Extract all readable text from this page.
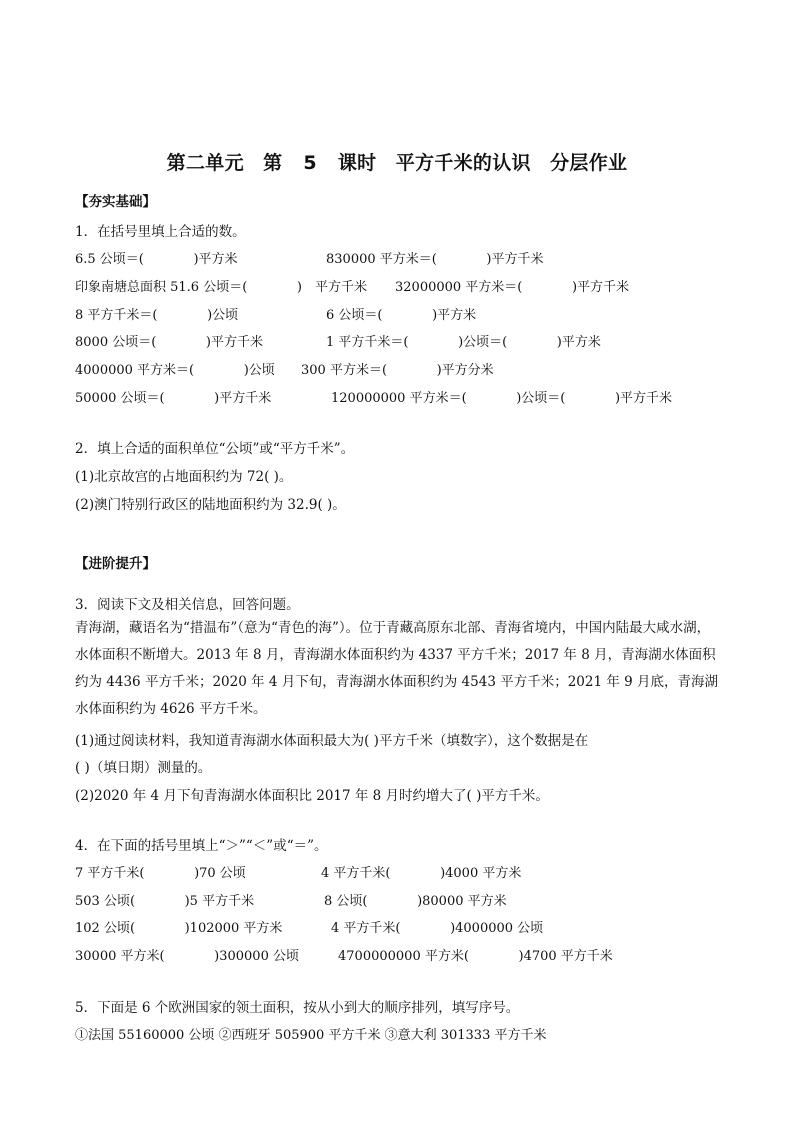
第二单元　第 5 课时　平方千米的认识　分层作业
【夯实基础】
1．在括号里填上合适的数。

6.5 公顷＝(            )平方米

	830000 平方米＝(            )平方千米

印象南塘总面积 51.6 公顷＝(            )　平方千米

32000000 平方米＝(            )平方千米

8 平方千米＝(            )公顷

	6 公顷＝(            )平方米

8000 公顷＝(            )平方千米

	1 平方千米＝(            )公顷＝(            )平方米

4000000 平方米＝(            )公顷

300 平方米＝(            )平方分米

50000 公顷＝(            )平方千米

	120000000 平方米＝(            )公顷＝(            )平方千米

2．填上合适的面积单位“公顷”或“平方千米”。
(1)北京故宫的占地面积约为 72( )。
(2)澳门特别行政区的陆地面积约为 32.9( )。
【进阶提升】
3．阅读下文及相关信息，回答问题。
青海湖，藏语名为“措温布”（意为“青色的海”）。位于青藏高原东北部、青海省境内，中国内陆最大咸水湖，水体面积不断增大。2013 年 8 月，青海湖水体面积约为 4337 平方千米；2017 年 8 月，青海湖水体面积约为 4436 平方千米；2020 年 4 月下旬，青海湖水体面积约为 4543 平方千米；2021 年 9 月底，青海湖水体面积约为 4626 平方千米。
(1)通过阅读材料，我知道青海湖水体面积最大为( )平方千米（填数字），这个数据是在
( )（填日期）测量的。
(2)2020 年 4 月下旬青海湖水体面积比 2017 年 8 月时约增大了( )平方千米。
4．在下面的括号里填上“＞”“＜”或“＝”。

7 平方千米(            )70 公顷

	4 平方千米(            )4000 平方米

503 公顷(            )5 平方千米

	8 公顷(            )80000 平方米

102 公顷(            )102000 平方米

	4 平方千米(            )4000000 公顷

30000 平方米(            )300000 公顷

	4700000000 平方米(            )4700 平方千米

5．下面是 6 个欧洲国家的领土面积，按从小到大的顺序排列，填写序号。
①法国 55160000 公顷 ②西班牙 505900 平方千米 ③意大利 301333 平方千米
